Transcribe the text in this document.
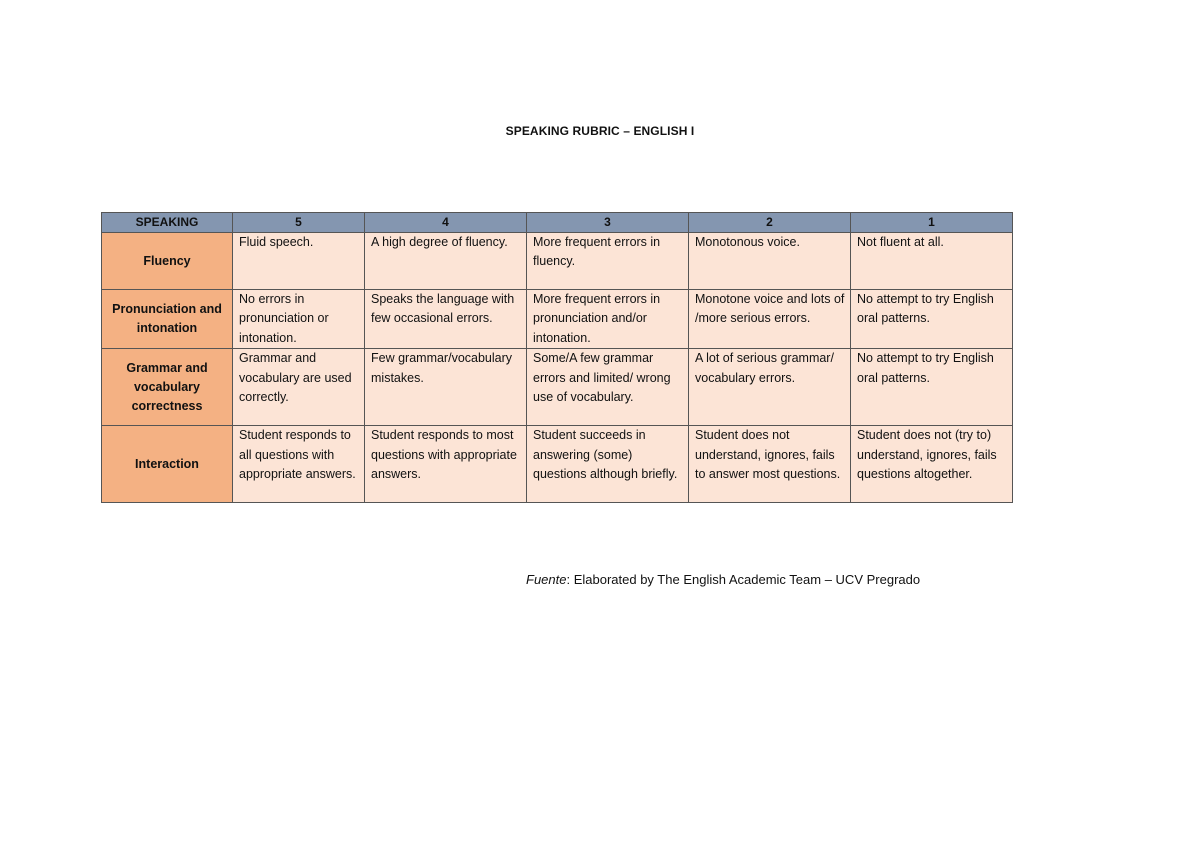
SPEAKING RUBRIC – ENGLISH I
SPEAKING	5	4	3	2	1
Fluency	Fluid speech.	A high degree of fluency.	More frequent errors in fluency.	Monotonous voice.	Not fluent at all.
Pronunciation and intonation	No errors in pronunciation or intonation.	Speaks the language with few occasional errors.	More frequent errors in pronunciation and/or intonation.	Monotone voice and lots of /more serious errors.	No attempt to try English oral patterns.
Grammar and vocabulary correctness	Grammar and vocabulary are used correctly.	Few grammar/vocabulary mistakes.	Some/A few grammar errors and limited/ wrong use of vocabulary.	A lot of serious grammar/ vocabulary errors.	No attempt to try English oral patterns.
Interaction	Student responds to all questions with appropriate answers.	Student responds to most questions with appropriate answers.	Student succeeds in answering (some) questions although briefly.	Student does not understand, ignores, fails to answer most questions.	Student does not (try to) understand, ignores, fails questions altogether.
Fuente: Elaborated by The English Academic Team – UCV Pregrado
